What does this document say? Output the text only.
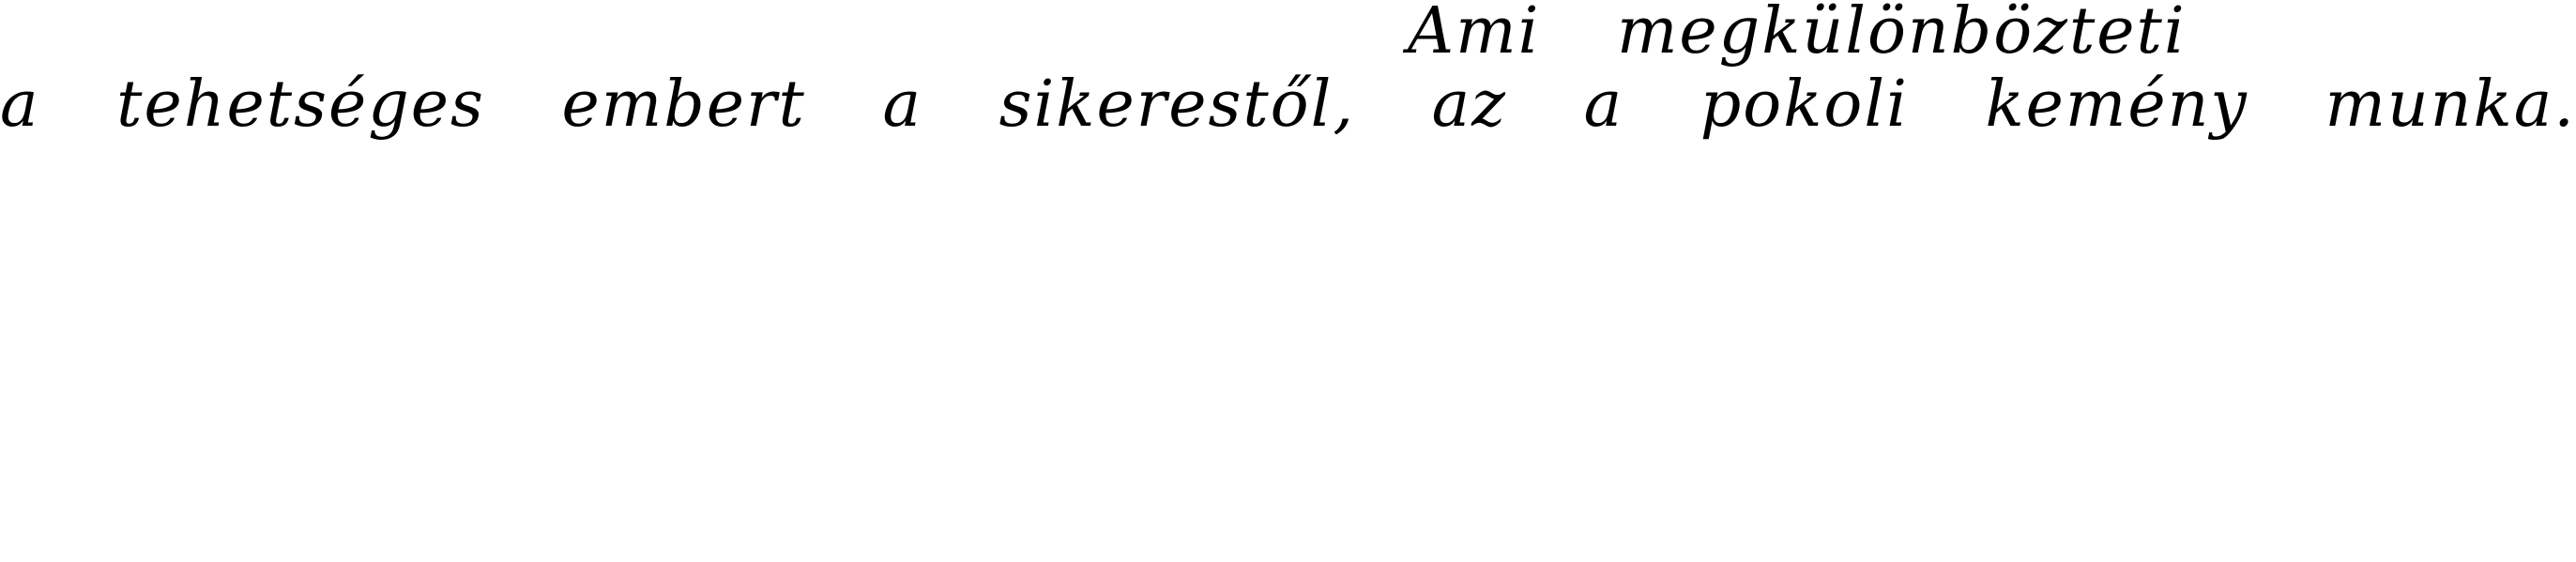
Ami megkülönbözteti
a tehetséges embert a sikerestől, az a pokoli kemény munka.
